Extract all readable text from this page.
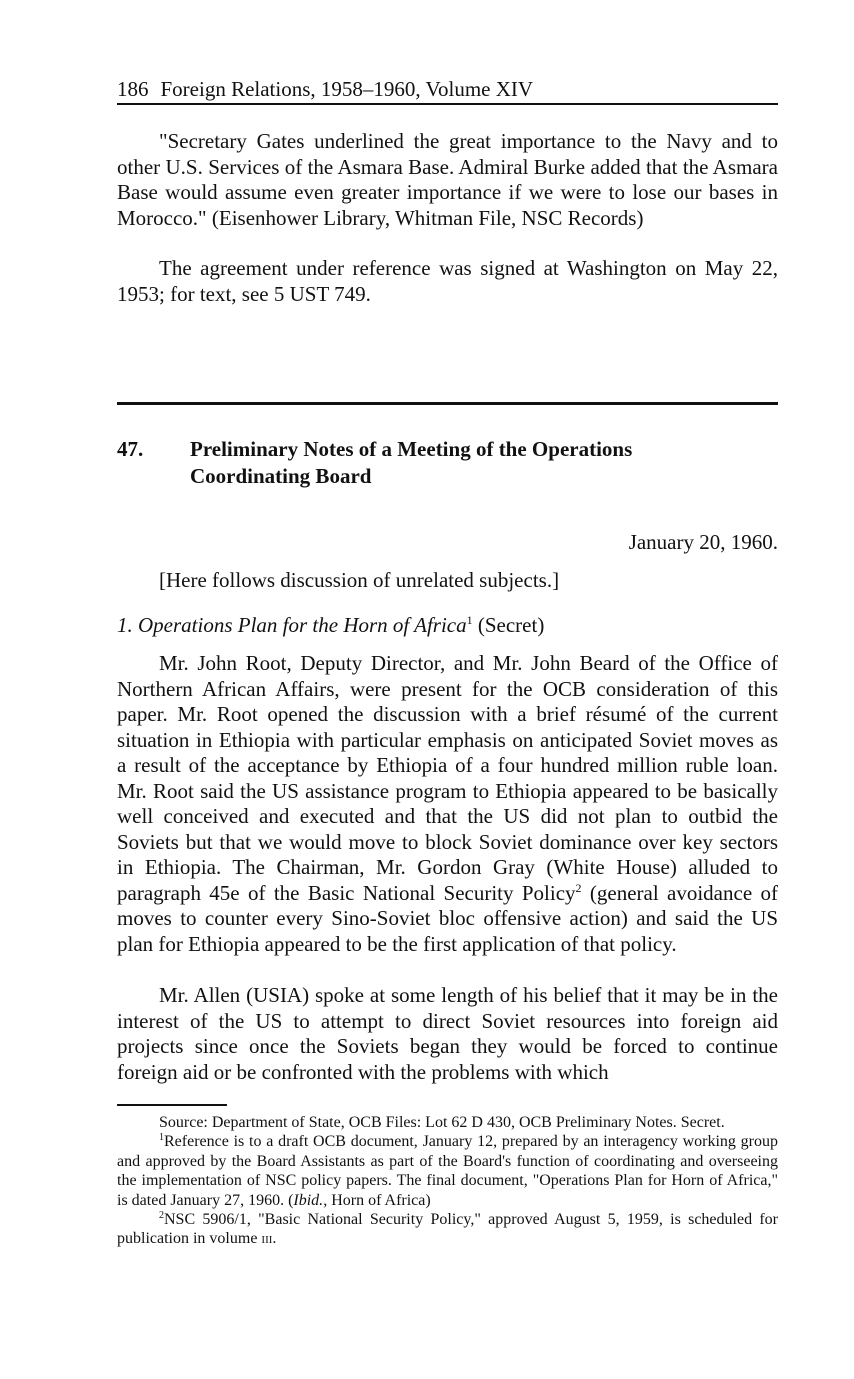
186 Foreign Relations, 1958–1960, Volume XIV

"Secretary Gates underlined the great importance to the Navy and to other U.S. Services of the Asmara Base. Admiral Burke added that the Asmara Base would assume even greater importance if we were to lose our bases in Morocco." (Eisenhower Library, Whitman File, NSC Records)

The agreement under reference was signed at Washington on May 22, 1953; for text, see 5 UST 749.

47. Preliminary Notes of a Meeting of the Operations Coordinating Board
January 20, 1960.
[Here follows discussion of unrelated subjects.]
1. Operations Plan for the Horn of Africa$^1$ (Secret)

Mr. John Root, Deputy Director, and Mr. John Beard of the Office of Northern African Affairs, were present for the OCB consideration of this paper. Mr. Root opened the discussion with a brief résumé of the current situation in Ethiopia with particular emphasis on anticipated Soviet moves as a result of the acceptance by Ethiopia of a four hundred million ruble loan. Mr. Root said the US assistance program to Ethiopia appeared to be basically well conceived and executed and that the US did not plan to outbid the Soviets but that we would move to block Soviet dominance over key sectors in Ethiopia. The Chairman, Mr. Gordon Gray (White House) alluded to paragraph 45e of the Basic National Security Policy$^2$ (general avoidance of moves to counter every Sino-Soviet bloc offensive action) and said the US plan for Ethiopia appeared to be the first application of that policy.

Mr. Allen (USIA) spoke at some length of his belief that it may be in the interest of the US to attempt to direct Soviet resources into foreign aid projects since once the Soviets began they would be forced to continue foreign aid or be confronted with the problems with which

Source: Department of State, OCB Files: Lot 62 D 430, OCB Preliminary Notes. Secret.

$^1$Reference is to a draft OCB document, January 12, prepared by an interagency working group and approved by the Board Assistants as part of the Board's function of coordinating and overseeing the implementation of NSC policy papers. The final document, "Operations Plan for Horn of Africa," is dated January 27, 1960. (Ibid., Horn of Africa)

$^2$NSC 5906/1, "Basic National Security Policy," approved August 5, 1959, is scheduled for publication in volume iii.
